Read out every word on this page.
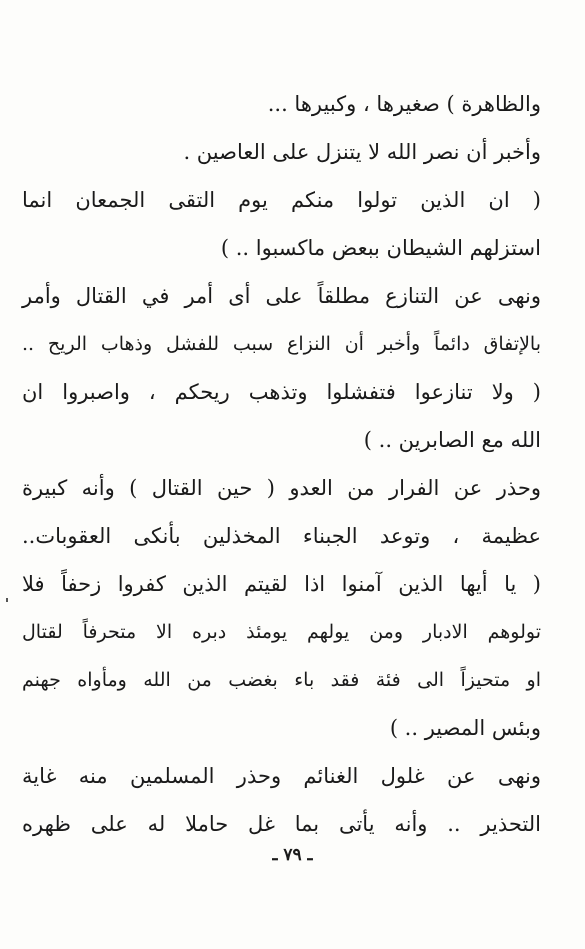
والظاهرة ) صغيرها ، وكبيرها ...
وأخبر أن نصر الله لا يتنزل على العاصين .
( ان الذين تولوا منكم يوم التقى الجمعان انما
استزلهم الشيطان ببعض ماكسبوا .. )
ونهى عن التنازع مطلقاً على أى أمر في القتال وأمر
بالإتفاق دائماً وأخبر أن النزاع سبب للفشل وذهاب الريح ..
( ولا تنازعوا فتفشلوا وتذهب ريحكم ، واصبروا ان
الله مع الصابرين .. )
وحذر عن الفرار من العدو ( حين القتال ) وأنه كبيرة
عظيمة ، وتوعد الجبناء المخذلين بأنكى العقوبات..
( يا أيها الذين آمنوا اذا لقيتم الذين كفروا زحفاً فلا
تولوهم الادبار ومن يولهم يومئذ دبره الا متحرفاً لقتال
او متحيزاً الى فئة فقد باء بغضب من الله ومأواه جهنم
وبئس المصير .. )
ونهى عن غلول الغنائم وحذر المسلمين منه غاية
التحذير .. وأنه يأتى بما غل حاملا له على ظهره
ـ ٧٩ ـ
